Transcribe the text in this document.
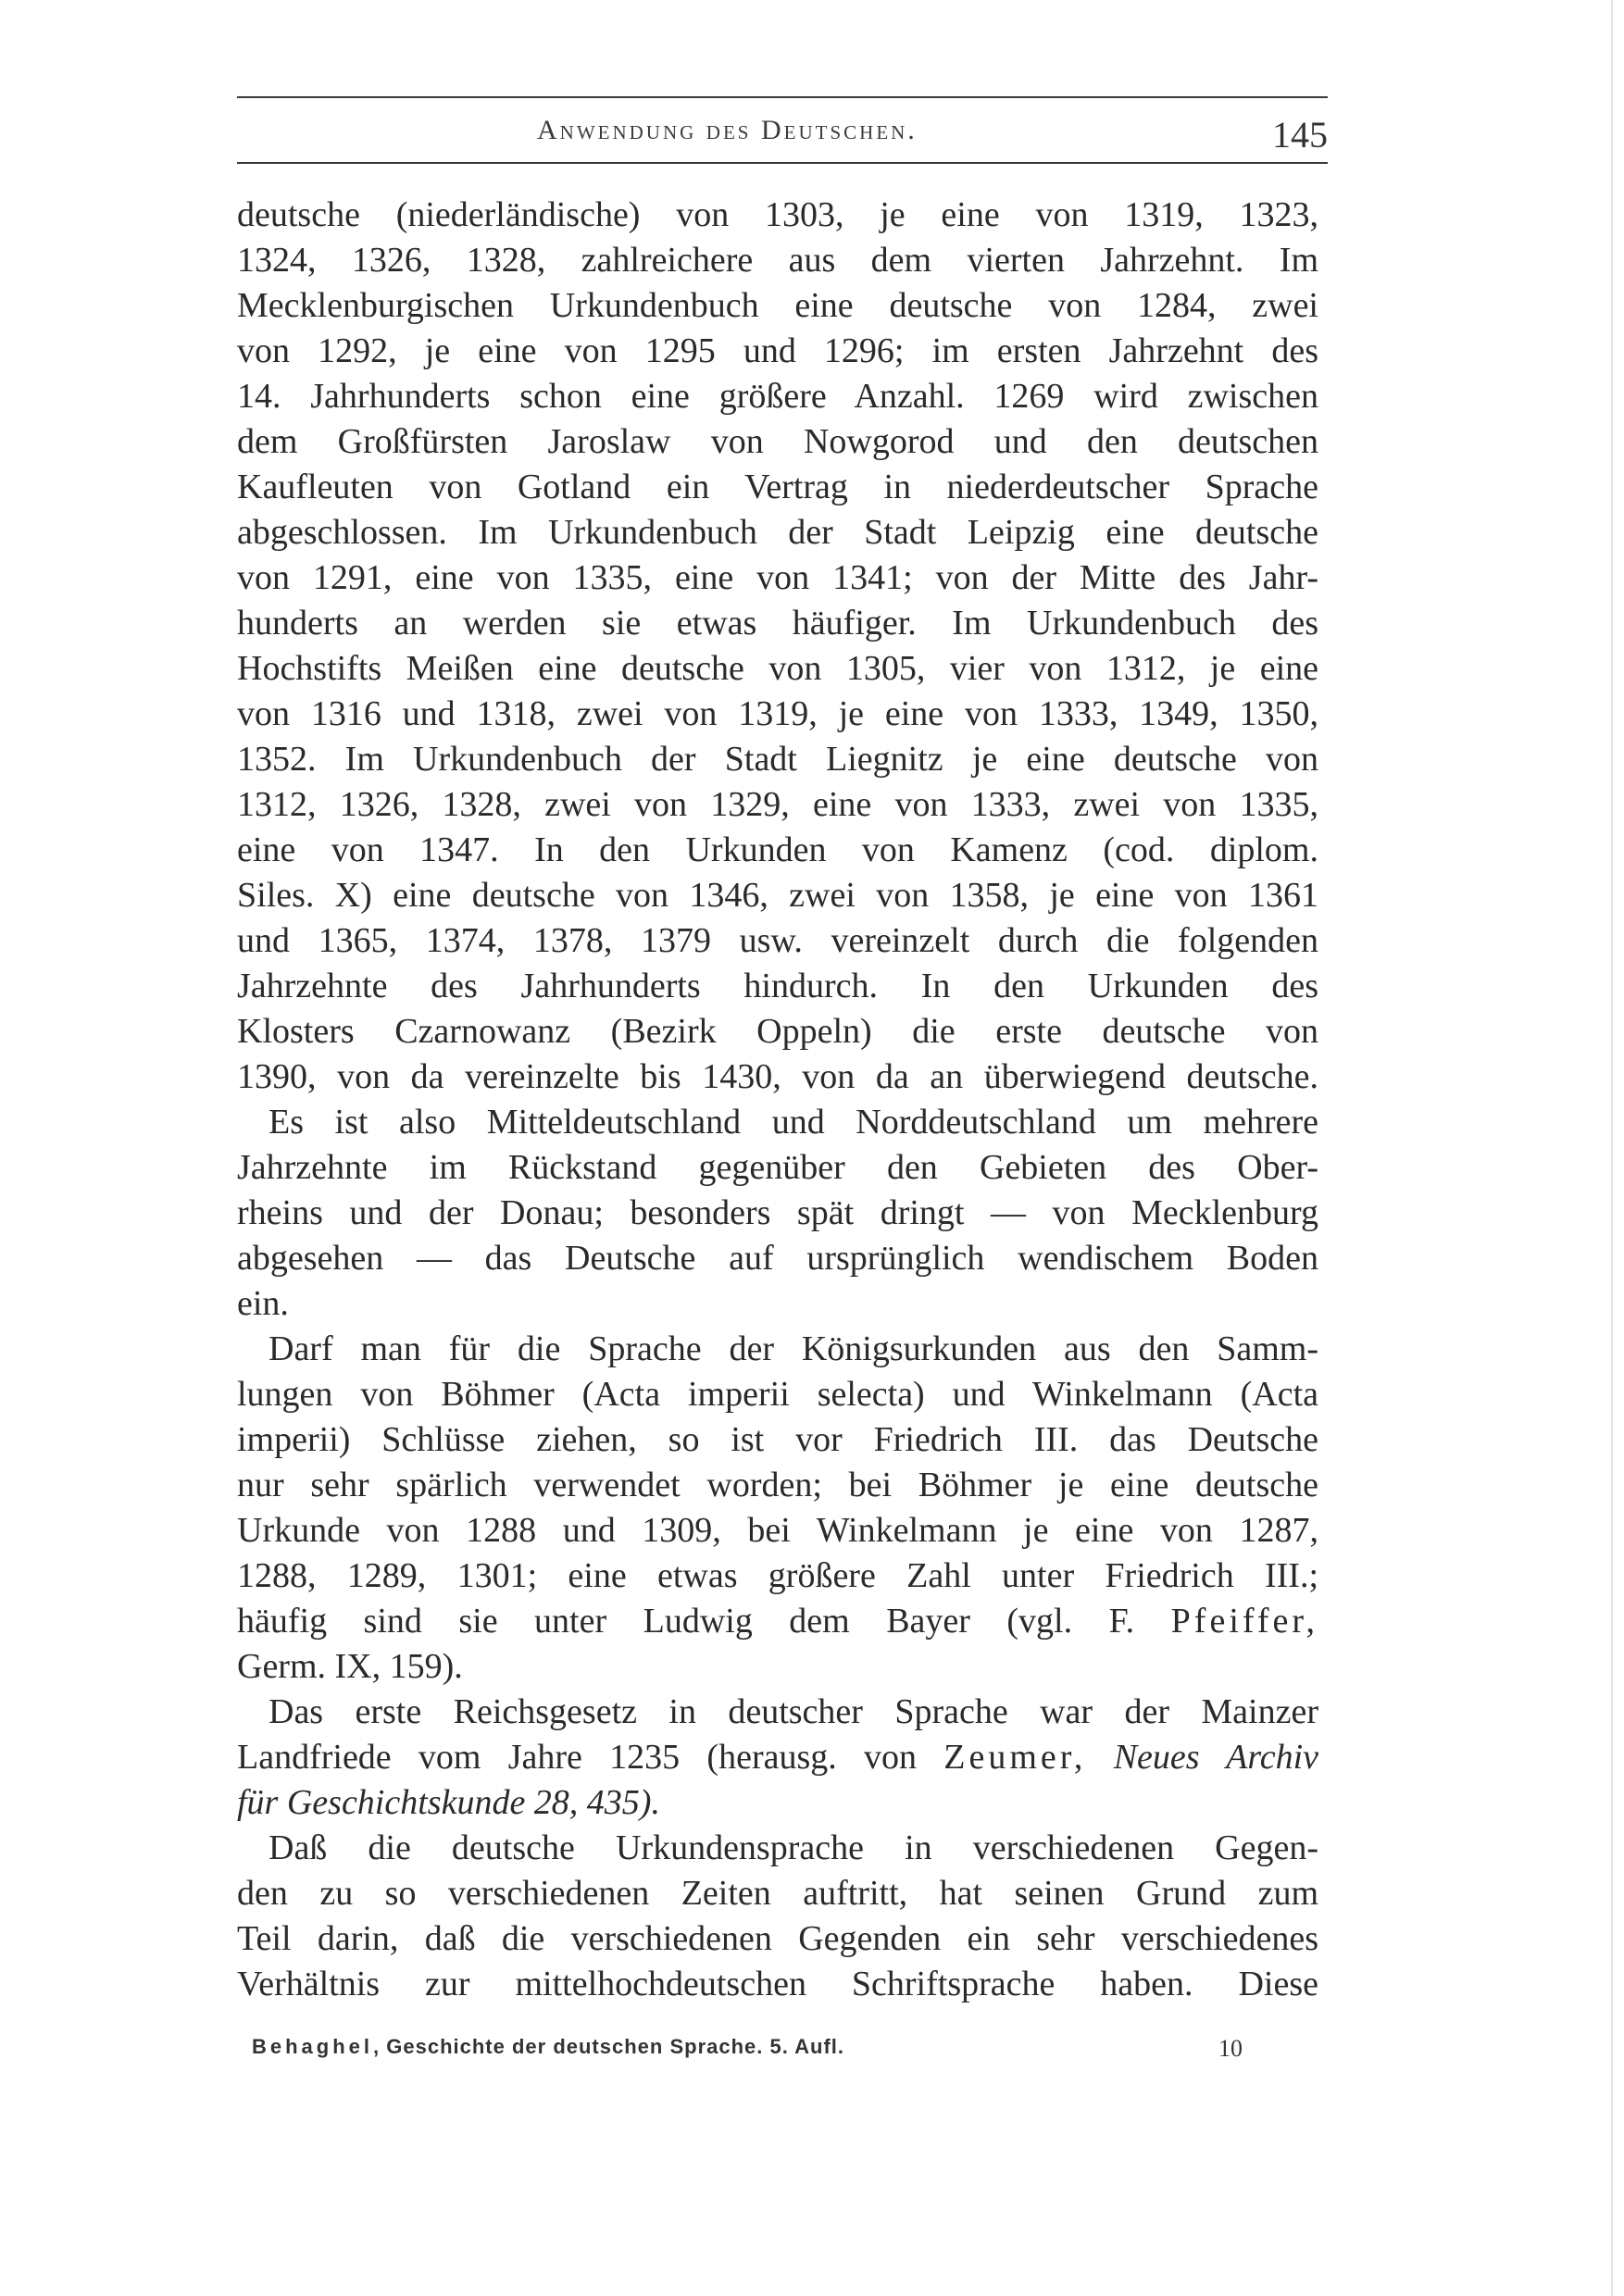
Anwendung des Deutschen.	145
deutsche (niederländische) von 1303, je eine von 1319, 1323,
1324, 1326, 1328, zahlreichere aus dem vierten Jahrzehnt. Im
Mecklenburgischen Urkundenbuch eine deutsche von 1284, zwei
von 1292, je eine von 1295 und 1296; im ersten Jahrzehnt des
14. Jahrhunderts schon eine größere Anzahl. 1269 wird zwischen
dem Großfürsten Jaroslaw von Nowgorod und den deutschen
Kaufleuten von Gotland ein Vertrag in niederdeutscher Sprache
abgeschlossen. Im Urkundenbuch der Stadt Leipzig eine deutsche
von 1291, eine von 1335, eine von 1341; von der Mitte des Jahr-
hunderts an werden sie etwas häufiger. Im Urkundenbuch des
Hochstifts Meißen eine deutsche von 1305, vier von 1312, je eine
von 1316 und 1318, zwei von 1319, je eine von 1333, 1349, 1350,
1352. Im Urkundenbuch der Stadt Liegnitz je eine deutsche von
1312, 1326, 1328, zwei von 1329, eine von 1333, zwei von 1335,
eine von 1347. In den Urkunden von Kamenz (cod. diplom.
Siles. X) eine deutsche von 1346, zwei von 1358, je eine von 1361
und 1365, 1374, 1378, 1379 usw. vereinzelt durch die folgenden
Jahrzehnte des Jahrhunderts hindurch. In den Urkunden des
Klosters Czarnowanz (Bezirk Oppeln) die erste deutsche von
1390, von da vereinzelte bis 1430, von da an überwiegend deutsche.
Es ist also Mitteldeutschland und Norddeutschland um mehrere
Jahrzehnte im Rückstand gegenüber den Gebieten des Ober-
rheins und der Donau; besonders spät dringt — von Mecklenburg
abgesehen — das Deutsche auf ursprünglich wendischem Boden
ein.
Darf man für die Sprache der Königsurkunden aus den Samm-
lungen von Böhmer (Acta imperii selecta) und Winkelmann (Acta
imperii) Schlüsse ziehen, so ist vor Friedrich III. das Deutsche
nur sehr spärlich verwendet worden; bei Böhmer je eine deutsche
Urkunde von 1288 und 1309, bei Winkelmann je eine von 1287,
1288, 1289, 1301; eine etwas größere Zahl unter Friedrich III.;
häufig sind sie unter Ludwig dem Bayer (vgl. F. Pfeiffer,
Germ. IX, 159).
Das erste Reichsgesetz in deutscher Sprache war der Mainzer
Landfriede vom Jahre 1235 (herausg. von Zeumer, Neues Archiv
für Geschichtskunde 28, 435).
Daß die deutsche Urkundensprache in verschiedenen Gegen-
den zu so verschiedenen Zeiten auftritt, hat seinen Grund zum
Teil darin, daß die verschiedenen Gegenden ein sehr verschiedenes
Verhältnis zur mittelhochdeutschen Schriftsprache haben. Diese
Behaghel, Geschichte der deutschen Sprache. 5. Aufl.	10
